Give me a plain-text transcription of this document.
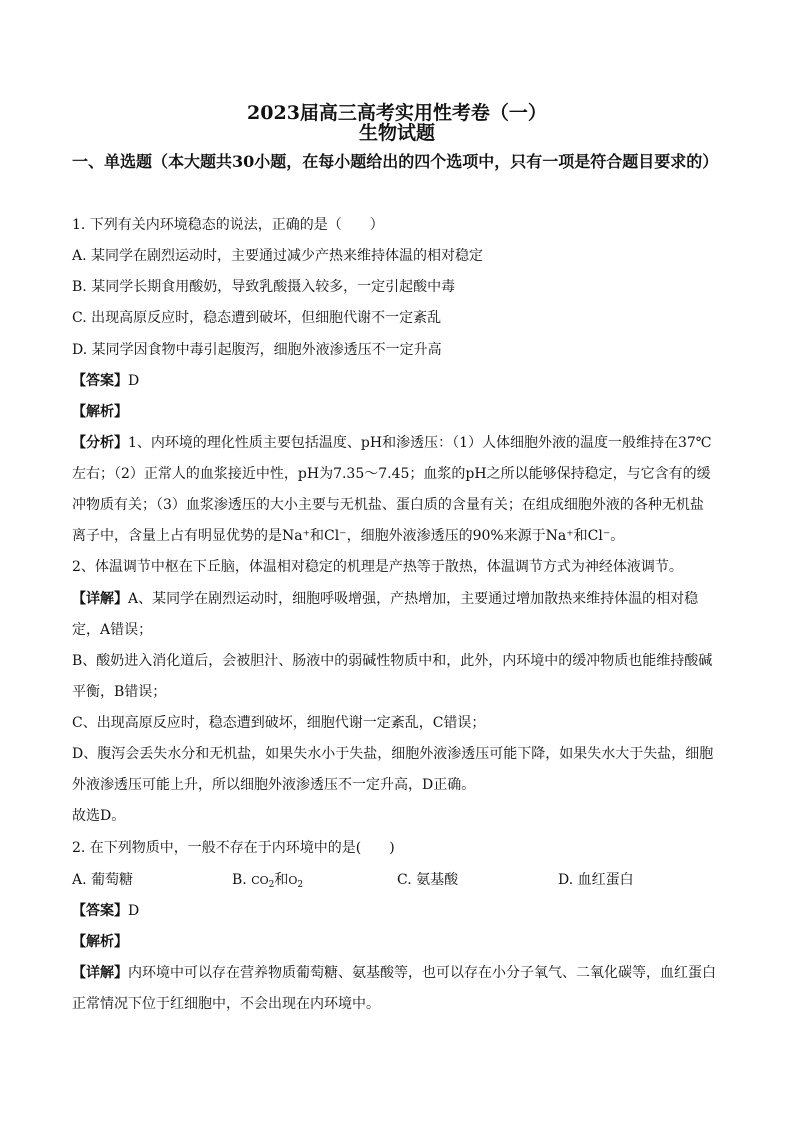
2023届高三高考实用性考卷（一）
生物试题
一、单选题（本大题共30小题，在每小题给出的四个选项中，只有一项是符合题目要求的）
1. 下列有关内环境稳态的说法，正确的是（　　）
A. 某同学在剧烈运动时，主要通过减少产热来维持体温的相对稳定
B. 某同学长期食用酸奶，导致乳酸摄入较多，一定引起酸中毒
C. 出现高原反应时，稳态遭到破坏，但细胞代谢不一定紊乱
D. 某同学因食物中毒引起腹泻，细胞外液渗透压不一定升高
【答案】D
【解析】
【分析】1、内环境的理化性质主要包括温度、pH和渗透压：（1）人体细胞外液的温度一般维持在37℃
左右；（2）正常人的血浆接近中性，pH为7.35～7.45；血浆的pH之所以能够保持稳定，与它含有的缓
冲物质有关；（3）血浆渗透压的大小主要与无机盐、蛋白质的含量有关；在组成细胞外液的各种无机盐
离子中，含量上占有明显优势的是Na⁺和Cl⁻，细胞外液渗透压的90%来源于Na⁺和Cl⁻。
2、体温调节中枢在下丘脑，体温相对稳定的机理是产热等于散热，体温调节方式为神经体液调节。
【详解】A、某同学在剧烈运动时，细胞呼吸增强，产热增加，主要通过增加散热来维持体温的相对稳
定，A错误；
B、酸奶进入消化道后，会被胆汁、肠液中的弱碱性物质中和，此外，内环境中的缓冲物质也能维持酸碱
平衡，B错误；
C、出现高原反应时，稳态遭到破坏，细胞代谢一定紊乱，C错误；
D、腹泻会丢失水分和无机盐，如果失水小于失盐，细胞外液渗透压可能下降，如果失水大于失盐，细胞
外液渗透压可能上升，所以细胞外液渗透压不一定升高，D正确。
故选D。
2. 在下列物质中，一般不存在于内环境中的是(　　)
A. 葡萄糖	B. $CO_2$和$O_2$	C. 氨基酸	D. 血红蛋白
【答案】D
【解析】
【详解】内环境中可以存在营养物质葡萄糖、氨基酸等，也可以存在小分子氧气、二氧化碳等，血红蛋白
正常情况下位于红细胞中，不会出现在内环境中。
